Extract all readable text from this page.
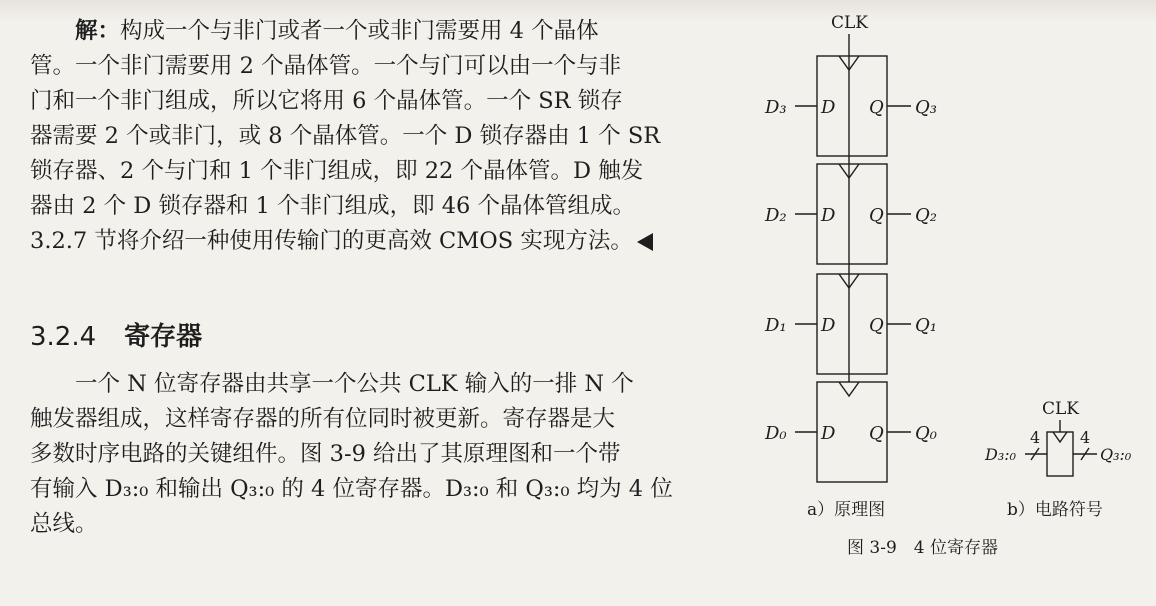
解：构成一个与非门或者一个或非门需要用 4 个晶体
管。一个非门需要用 2 个晶体管。一个与门可以由一个与非
门和一个非门组成，所以它将用 6 个晶体管。一个 SR 锁存
器需要 2 个或非门，或 8 个晶体管。一个 D 锁存器由 1 个 SR
锁存器、2 个与门和 1 个非门组成，即 22 个晶体管。D 触发
器由 2 个 D 锁存器和 1 个非门组成，即 46 个晶体管组成。
3.2.7 节将介绍一种使用传输门的更高效 CMOS 实现方法。

3.2.4 寄存器

一个 N 位寄存器由共享一个公共 CLK 输入的一排 N 个
触发器组成，这样寄存器的所有位同时被更新。寄存器是大
多数时序电路的关键组件。图 3-9 给出了其原理图和一个带
有输入 D₃:₀ 和输出 Q₃:₀ 的 4 位寄存器。D₃:₀ 和 Q₃:₀ 均为 4 位
总线。

CLK
D₃ D Q Q₃
D₂ D Q Q₂
D₁ D Q Q₁
D₀ D Q Q₀
CLK
4 4
D₃:₀	Q₃:₀
a）原理图	b）电路符号
图 3-9　4 位寄存器
